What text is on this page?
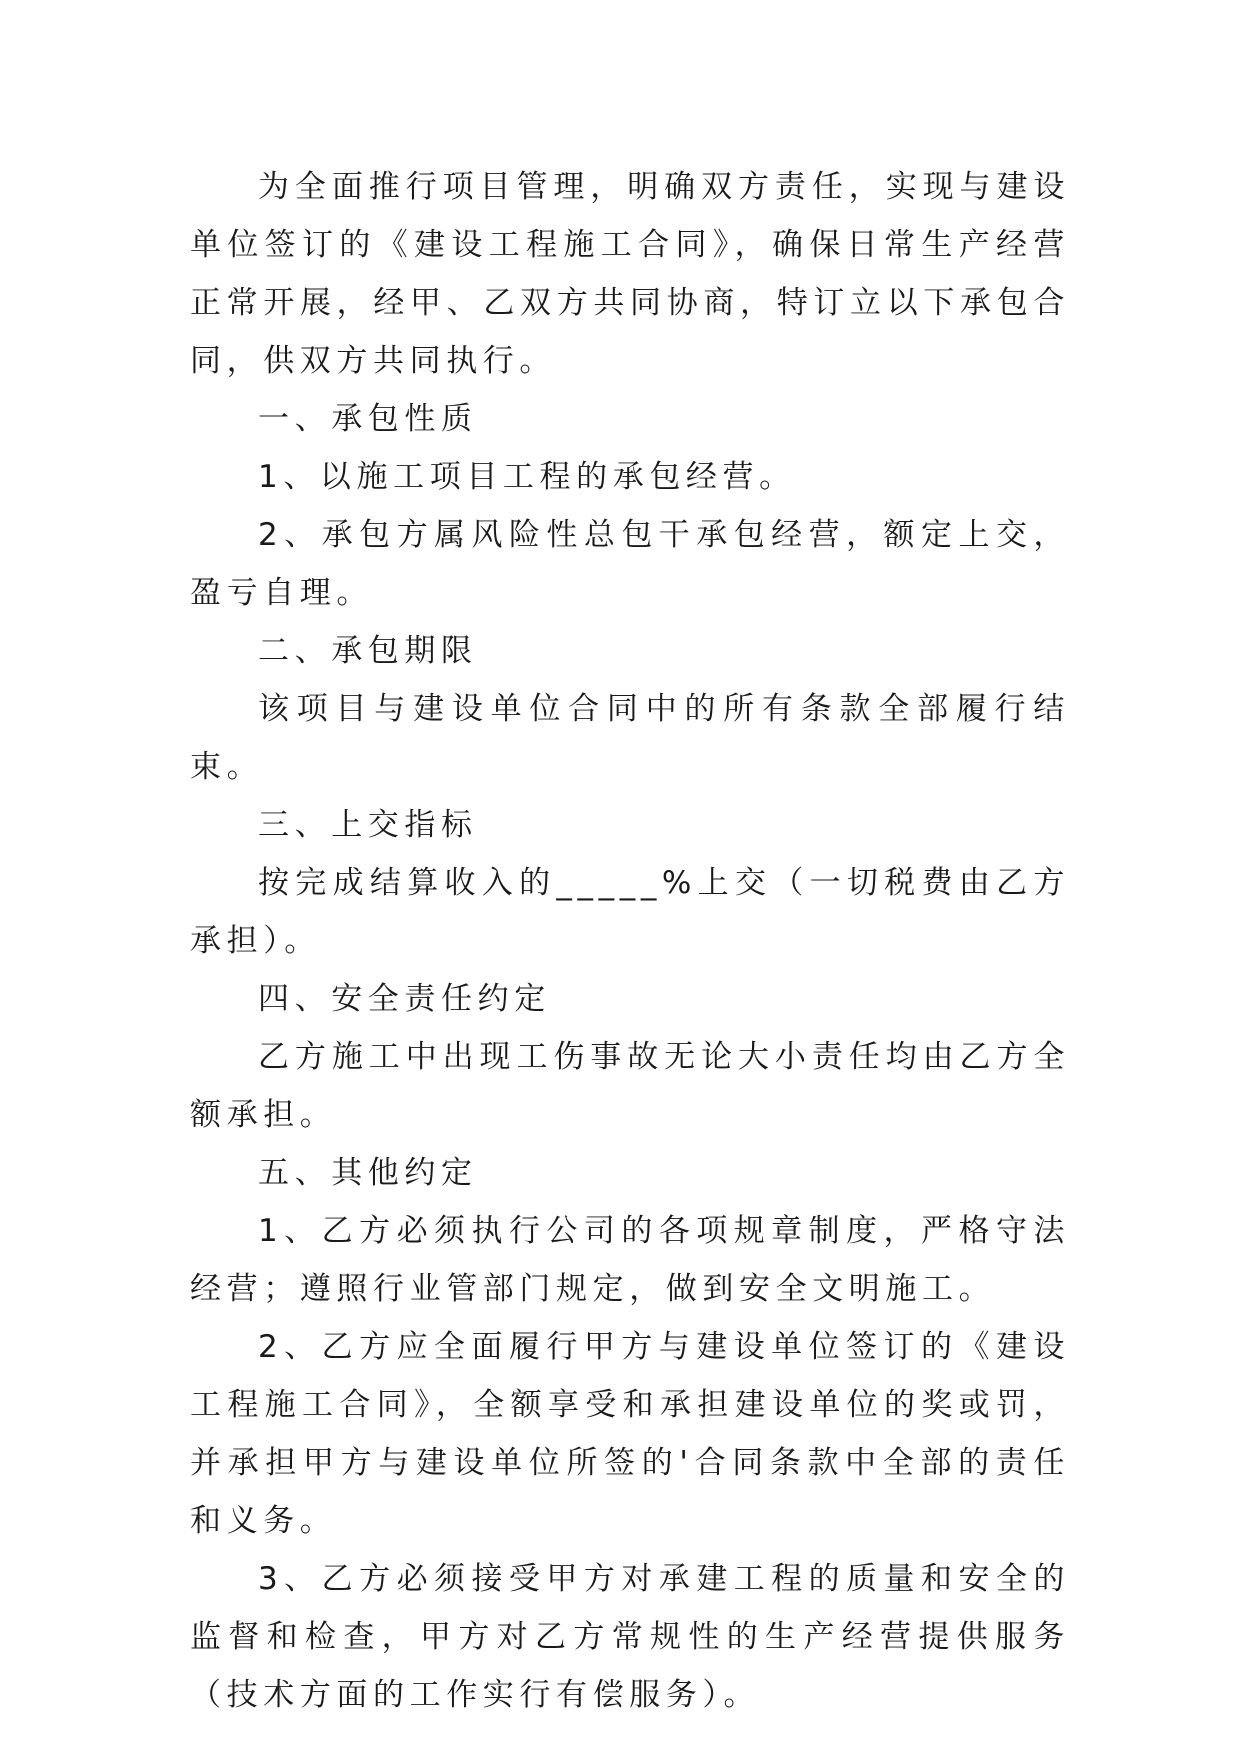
为全面推行项目管理，明确双方责任，实现与建设单位签订的《建设工程施工合同》，确保日常生产经营正常开展，经甲、乙双方共同协商，特订立以下承包合同，供双方共同执行。

一、承包性质

1、以施工项目工程的承包经营。

2、承包方属风险性总包干承包经营，额定上交，盈亏自理。

二、承包期限

该项目与建设单位合同中的所有条款全部履行结束。

三、上交指标

按完成结算收入的_____%上交（一切税费由乙方承担）。

四、安全责任约定

乙方施工中出现工伤事故无论大小责任均由乙方全额承担。

五、其他约定

1、乙方必须执行公司的各项规章制度，严格守法经营；遵照行业管部门规定，做到安全文明施工。

2、乙方应全面履行甲方与建设单位签订的《建设工程施工合同》，全额享受和承担建设单位的奖或罚，并承担甲方与建设单位所签的'合同条款中全部的责任和义务。

3、乙方必须接受甲方对承建工程的质量和安全的监督和检查，甲方对乙方常规性的生产经营提供服务（技术方面的工作实行有偿服务）。
